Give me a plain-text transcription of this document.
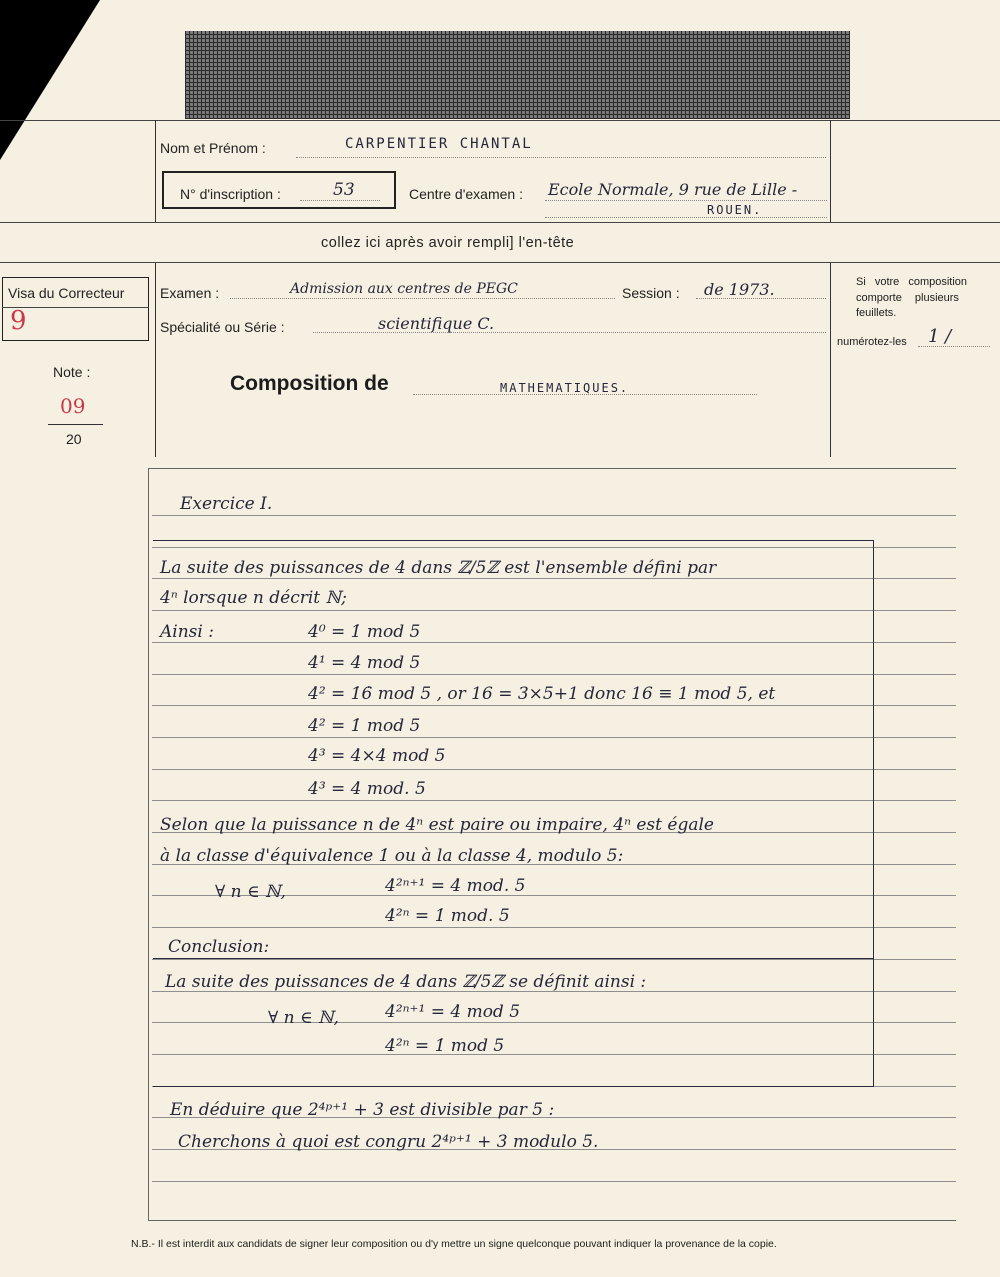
Nom et Prénom :	CARPENTIER CHANTAL
N° d'inscription :	53	Centre d'examen : Ecole Normale, 9 rue de Lille -
ROUEN.
collez ici après avoir rempli] l'en-tête
Visa du Correcteur
9
Note :
09
20
Examen :	Admission aux centres de PEGC	Session : de 1973.
Spécialité ou Série :	scientifique C.
Composition de	MATHEMATIQUES.
Si votre composition
comporte plusieurs
feuillets.
numérotez-les 1 /
Exercice I.
La suite des puissances de 4̇ dans ℤ/5ℤ est l'ensemble défini par
4̇ⁿ lorsque n décrit ℕ;
Ainsi :	4̇⁰ = 1̇ mod 5
4̇¹ = 4̇ mod 5
4̇² = 1̇6̇ mod 5 , or 16 = 3×5+1 donc 16 ≡ 1 mod 5, et
4̇² = 1̇ mod 5
4̇³ = 4̇×4̇ mod 5
4̇³ = 4̇ mod. 5
Selon que la puissance n de 4̇ⁿ est paire ou impaire, 4̇ⁿ est égale
à la classe d'équivalence 1̇ ou à la classe 4̇, modulo 5:
∀ n ∈ ℕ,	4̇²ⁿ⁺¹ = 4̇ mod. 5
4̇²ⁿ = 1̇ mod. 5
Conclusion:
La suite des puissances de 4̇ dans ℤ/5ℤ se définit ainsi :
∀ n ∈ ℕ,	4̇²ⁿ⁺¹ = 4̇ mod 5
4̇²ⁿ = 1̇ mod 5
En déduire que 2⁴ᵖ⁺¹ + 3 est divisible par 5 :
Cherchons à quoi est congru 2⁴ᵖ⁺¹ + 3 modulo 5.
N.B.- Il est interdit aux candidats de signer leur composition ou d'y mettre un signe quelconque pouvant indiquer la provenance de la copie.
